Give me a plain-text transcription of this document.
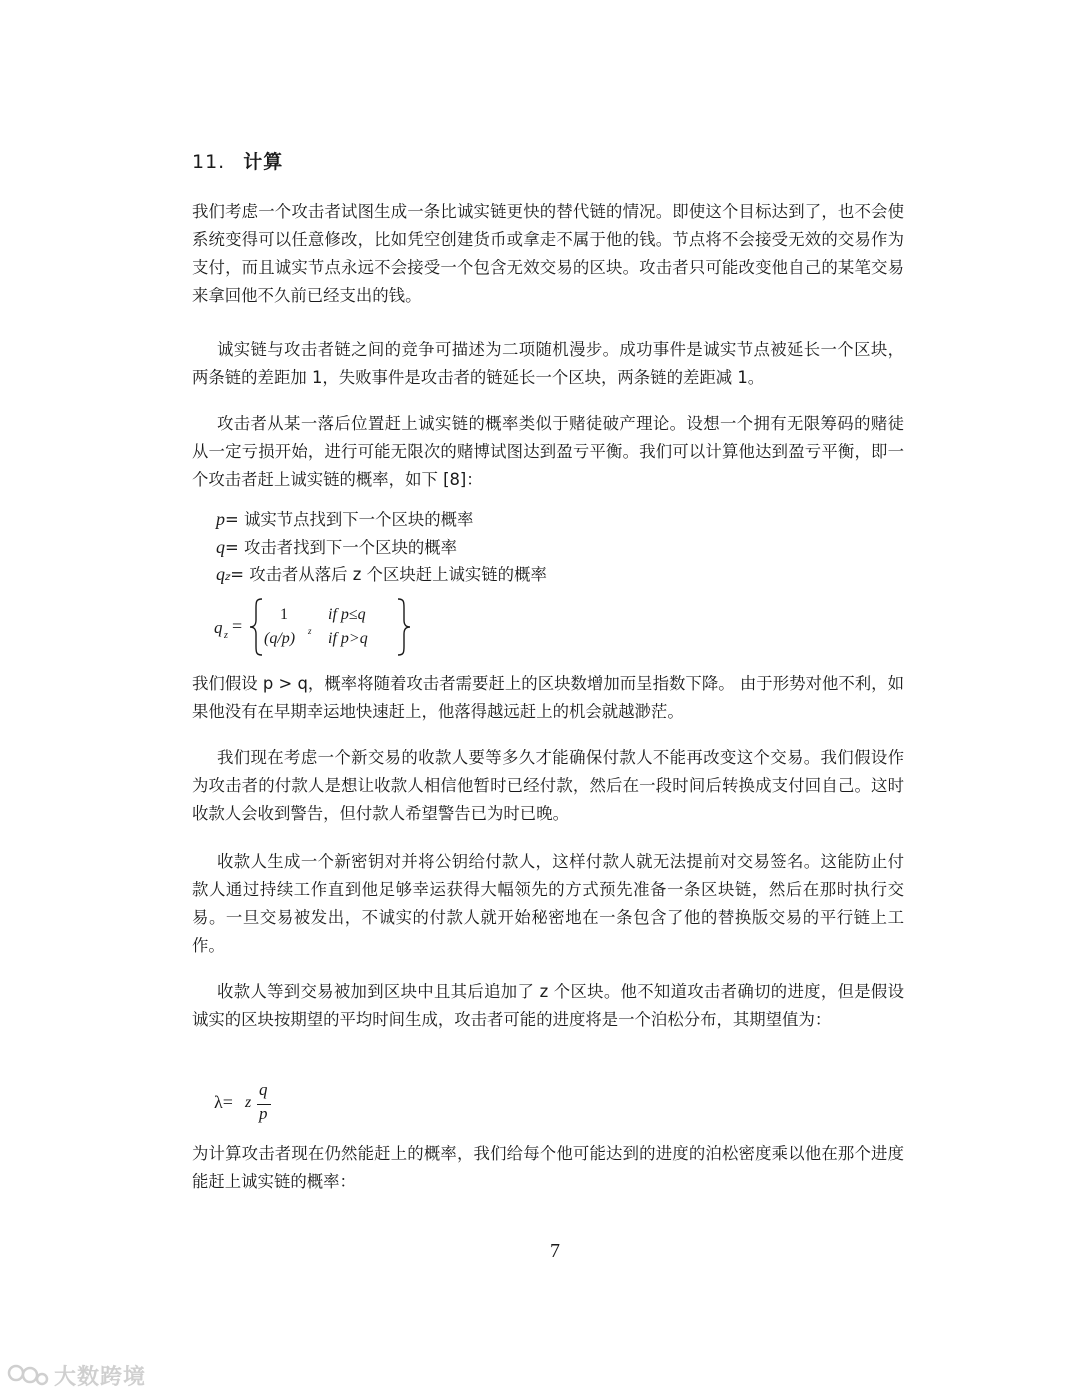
11. 计算

我们考虑一个攻击者试图生成一条比诚实链更快的替代链的情况。即使这个目标达到了，也不会使系统变得可以任意修改，比如凭空创建货币或拿走不属于他的钱。节点将不会接受无效的交易作为支付，而且诚实节点永远不会接受一个包含无效交易的区块。攻击者只可能改变他自己的某笔交易来拿回他不久前已经支出的钱。

诚实链与攻击者链之间的竞争可描述为二项随机漫步。成功事件是诚实节点被延长一个区块，两条链的差距加 1，失败事件是攻击者的链延长一个区块，两条链的差距减 1。

攻击者从某一落后位置赶上诚实链的概率类似于赌徒破产理论。设想一个拥有无限筹码的赌徒从一定亏损开始，进行可能无限次的赌博试图达到盈亏平衡。我们可以计算他达到盈亏平衡，即一个攻击者赶上诚实链的概率，如下 [8]：

p= 诚实节点找到下一个区块的概率
q= 攻击者找到下一个区块的概率
qz= 攻击者从落后 z 个区块赶上诚实链的概率
q z =
1
(q/p) z
if p≤q
if p>q

我们假设 p > q，概率将随着攻击者需要赶上的区块数增加而呈指数下降。 由于形势对他不利，如果他没有在早期幸运地快速赶上，他落得越远赶上的机会就越渺茫。

我们现在考虑一个新交易的收款人要等多久才能确保付款人不能再改变这个交易。我们假设作为攻击者的付款人是想让收款人相信他暂时已经付款，然后在一段时间后转换成支付回自己。这时收款人会收到警告，但付款人希望警告已为时已晚。

收款人生成一个新密钥对并将公钥给付款人，这样付款人就无法提前对交易签名。这能防止付款人通过持续工作直到他足够幸运获得大幅领先的方式预先准备一条区块链，然后在那时执行交易。一旦交易被发出，不诚实的付款人就开始秘密地在一条包含了他的替换版交易的平行链上工作。

收款人等到交易被加到区块中且其后追加了 z 个区块。他不知道攻击者确切的进度，但是假设诚实的区块按期望的平均时间生成，攻击者可能的进度将是一个泊松分布，其期望值为：

λ= z
q
p

为计算攻击者现在仍然能赶上的概率，我们给每个他可能达到的进度的泊松密度乘以他在那个进度能赶上诚实链的概率：

7
大数跨境
